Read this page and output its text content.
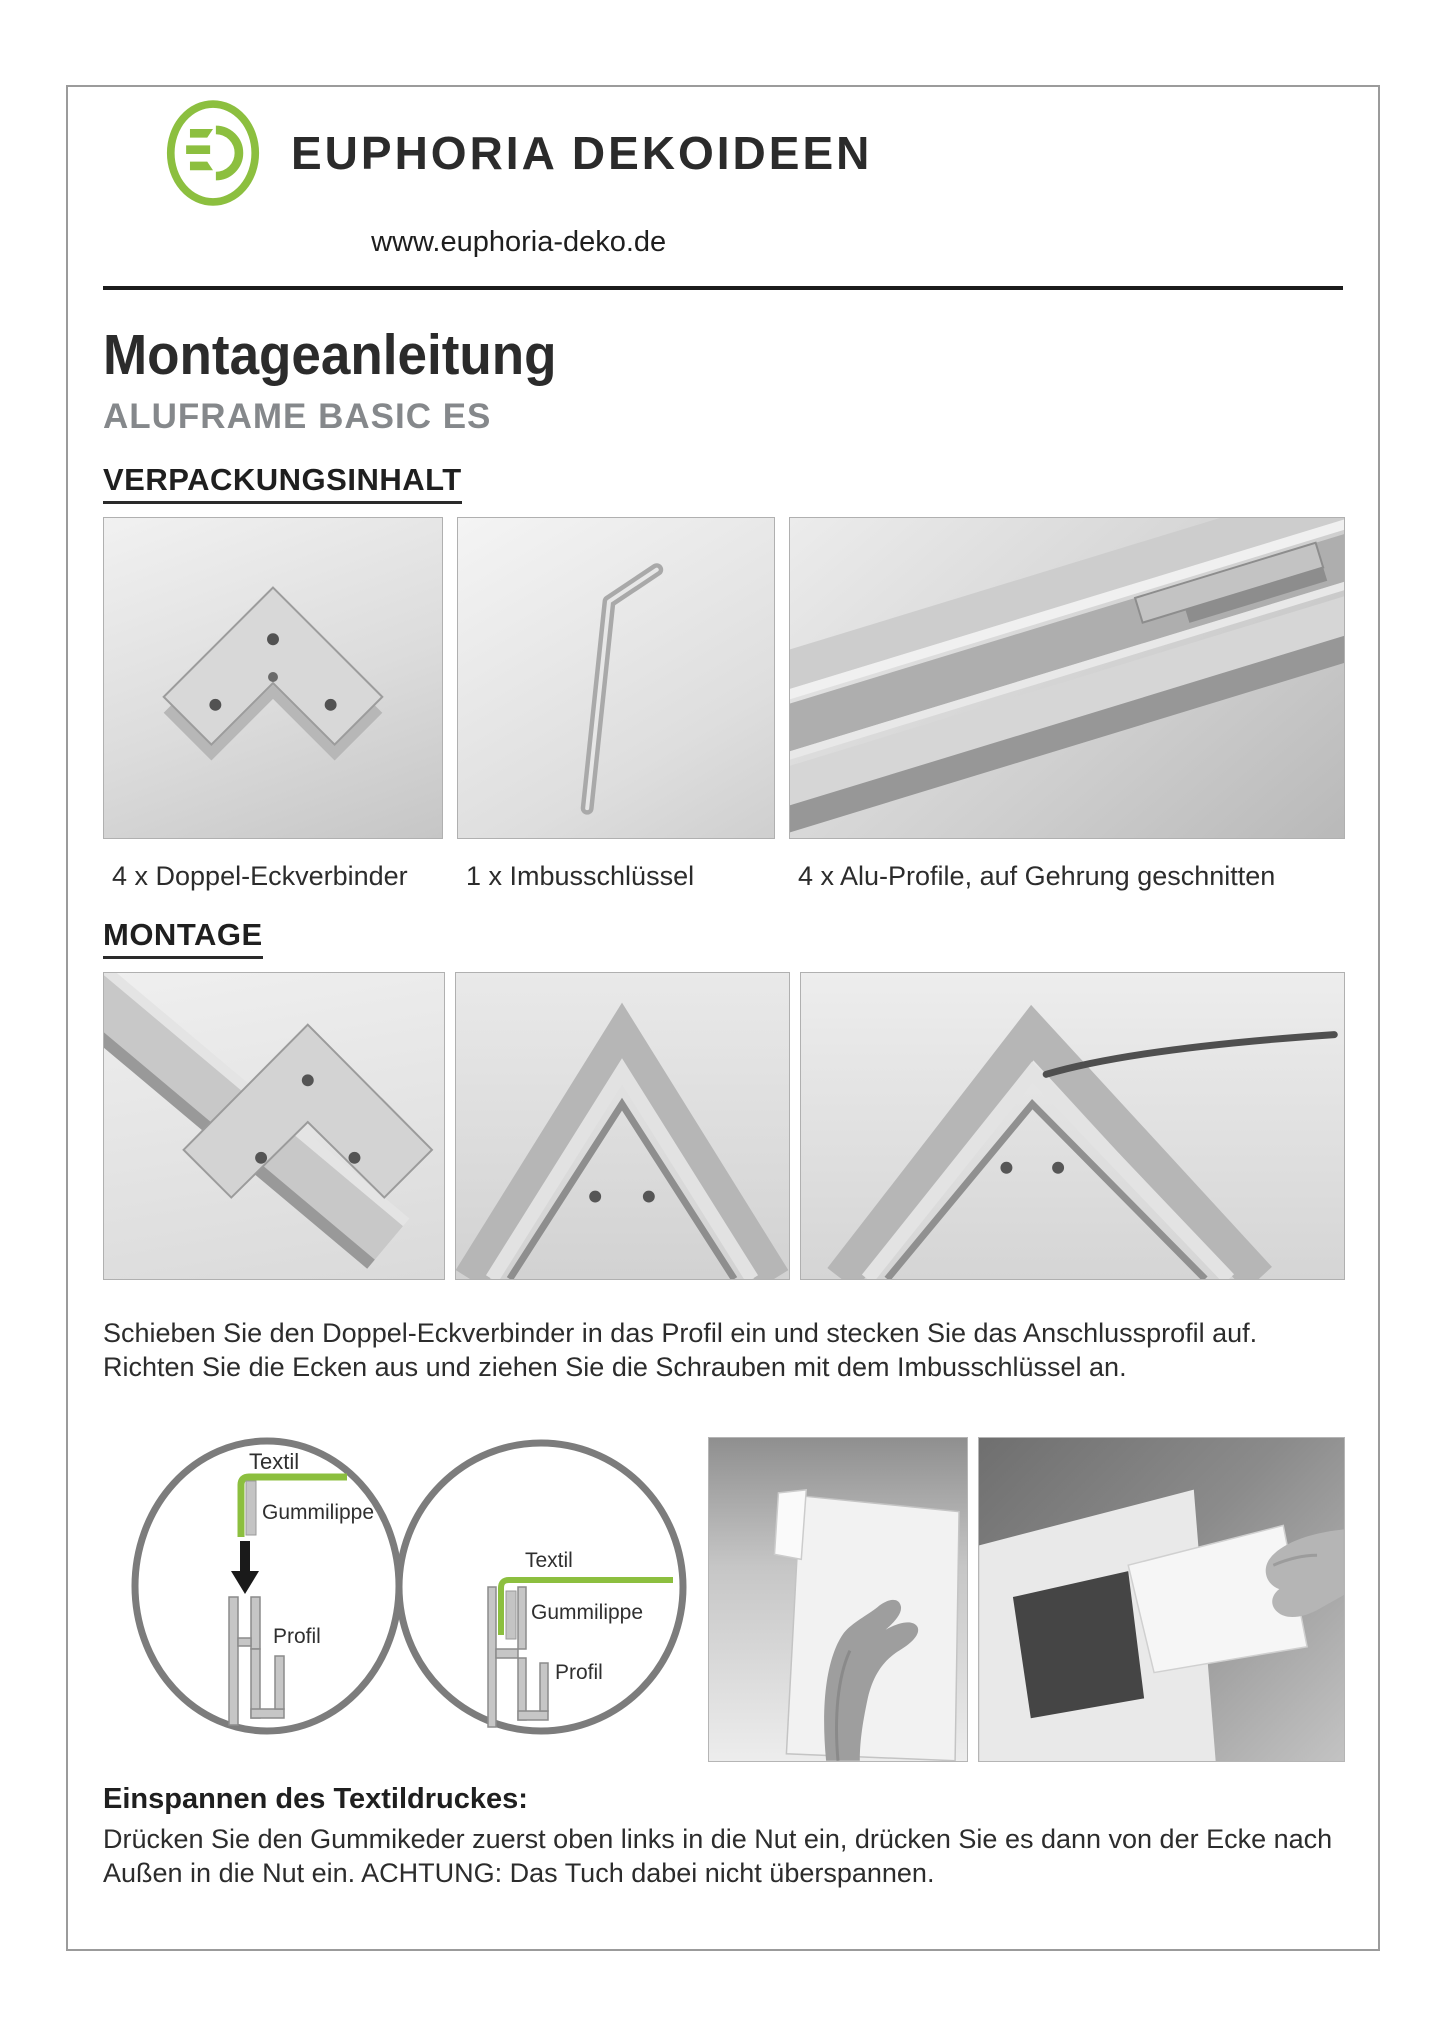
EUPHORIA DEKOIDEEN
www.euphoria-deko.de
Montageanleitung
ALUFRAME BASIC ES
VERPACKUNGSINHALT
4 x Doppel-Eckverbinder	1 x Imbusschlüssel	4 x Alu-Profile, auf Gehrung geschnitten
MONTAGE

Schieben Sie den Doppel-Eckverbinder in das Profil ein und stecken Sie das Anschlussprofil auf. Richten Sie die Ecken aus und ziehen Sie die Schrauben mit dem Imbusschlüssel an.

Textil
Gummilippe
Profil
Textil
Gummilippe
Profil
Einspannen des Textildruckes:

Drücken Sie den Gummikeder zuerst oben links in die Nut ein, drücken Sie es dann von der Ecke nach Außen in die Nut ein. ACHTUNG: Das Tuch dabei nicht überspannen.
